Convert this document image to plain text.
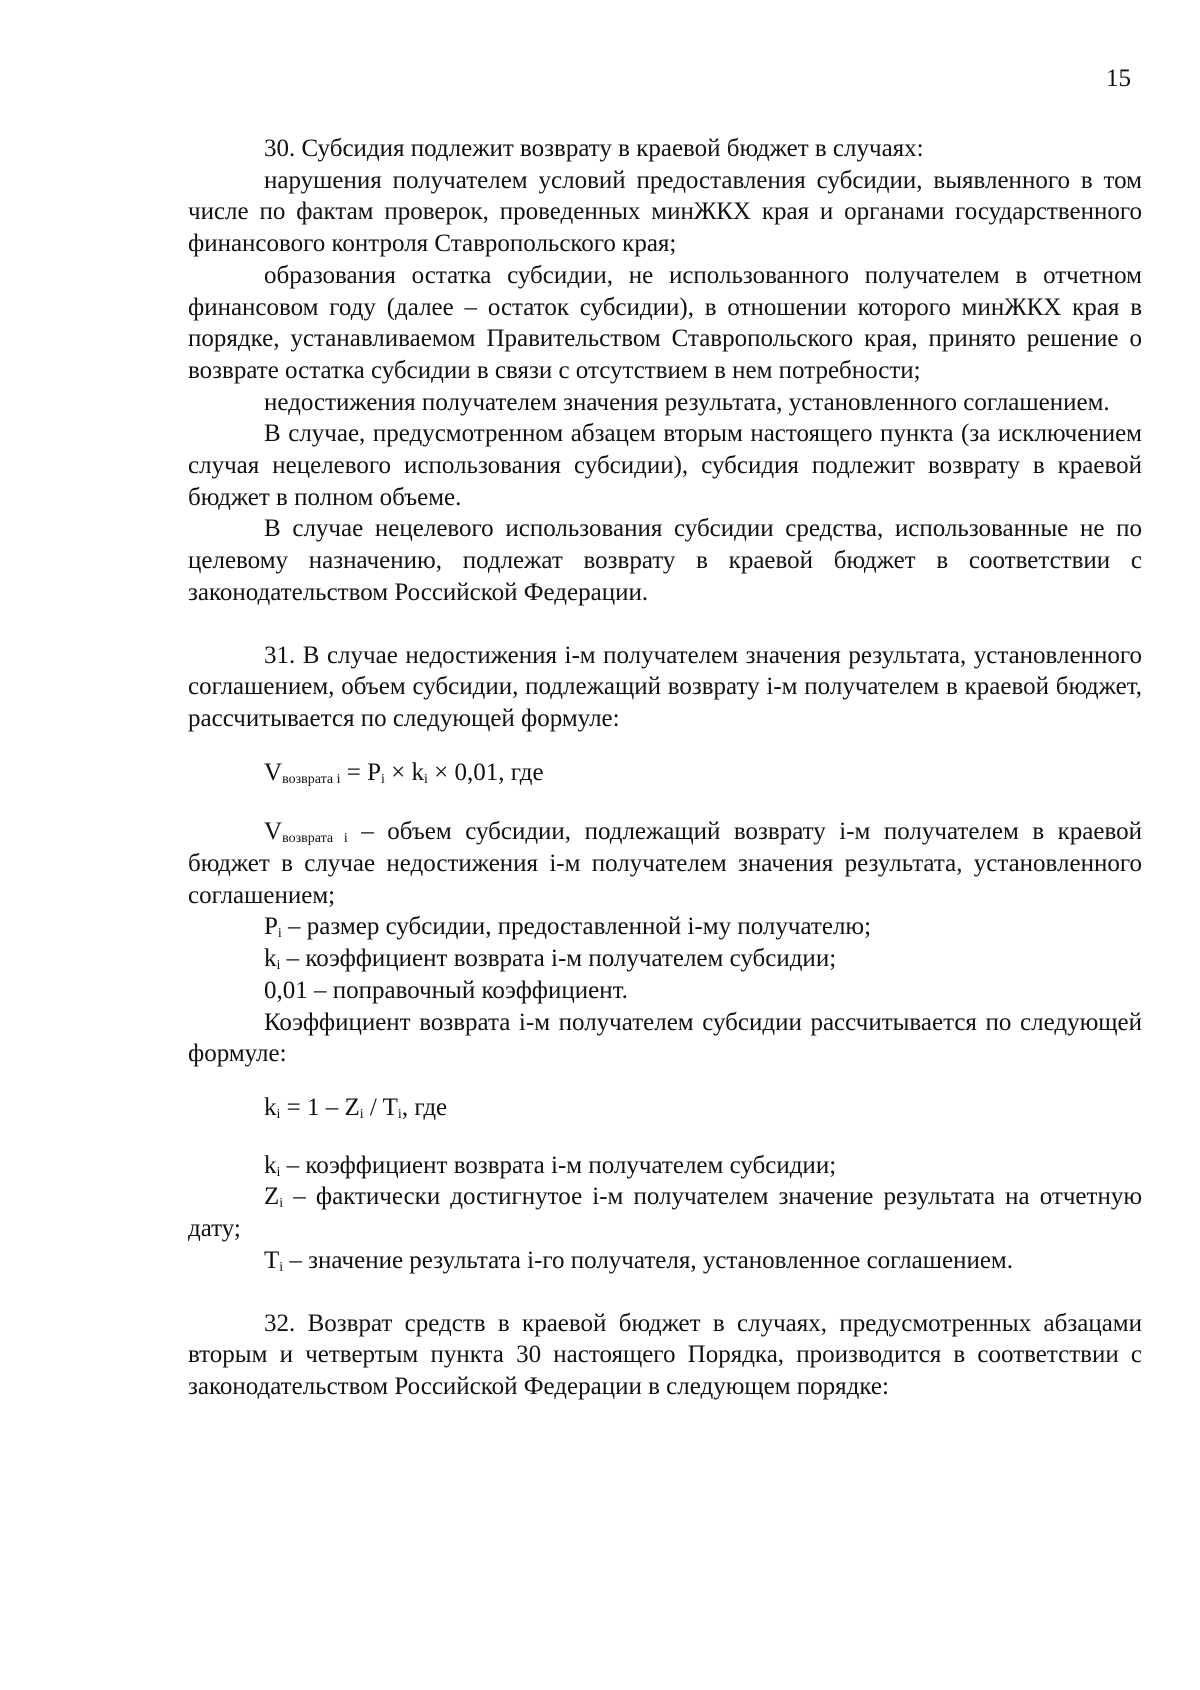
15

30. Субсидия подлежит возврату в краевой бюджет в случаях:

нарушения получателем условий предоставления субсидии, выявленного в том числе по фактам проверок, проведенных минЖКХ края и органами государственного финансового контроля Ставропольского края;

образования остатка субсидии, не использованного получателем в отчетном финансовом году (далее – остаток субсидии), в отношении которого минЖКХ края в порядке, устанавливаемом Правительством Ставропольского края, принято решение о возврате остатка субсидии в связи с отсутствием в нем потребности;

недостижения получателем значения результата, установленного соглашением.

В случае, предусмотренном абзацем вторым настоящего пункта (за исключением случая нецелевого использования субсидии), субсидия подлежит возврату в краевой бюджет в полном объеме.

В случае нецелевого использования субсидии средства, использованные не по целевому назначению, подлежат возврату в краевой бюджет в соответствии с законодательством Российской Федерации.

31. В случае недостижения i-м получателем значения результата, установленного соглашением, объем субсидии, подлежащий возврату i-м получателем в краевой бюджет, рассчитывается по следующей формуле:

$V_{возврата i} = P_i \times k_i \times 0,01$, где

$V_{возврата i}$ – объем субсидии, подлежащий возврату i-м получателем в краевой бюджет в случае недостижения i-м получателем значения результата, установленного соглашением;

$P_i$ – размер субсидии, предоставленной i-му получателю;

$k_i$ – коэффициент возврата i-м получателем субсидии;

0,01 – поправочный коэффициент.

Коэффициент возврата i-м получателем субсидии рассчитывается по следующей формуле:

$k_i = 1 - Z_i / T_i$, где

$k_i$ – коэффициент возврата i-м получателем субсидии;

$Z_i$ – фактически достигнутое i-м получателем значение результата на отчетную дату;

$T_i$ – значение результата i-го получателя, установленное соглашением.

32. Возврат средств в краевой бюджет в случаях, предусмотренных абзацами вторым и четвертым пункта 30 настоящего Порядка, производится в соответствии с законодательством Российской Федерации в следующем порядке:
